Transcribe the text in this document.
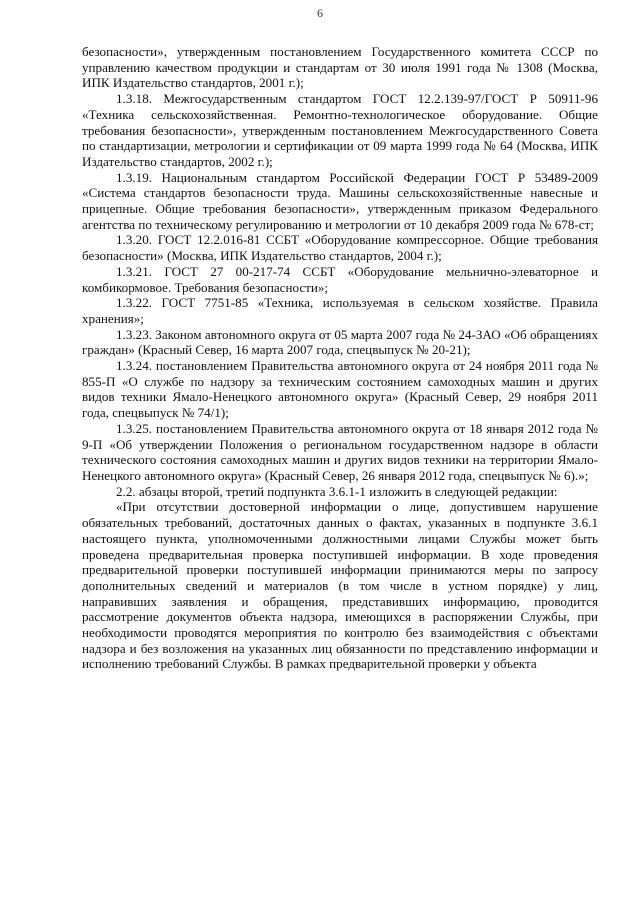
6

безопасности», утвержденным постановлением Государственного комитета СССР по управлению качеством продукции и стандартам от 30 июля 1991 года № 1308 (Москва, ИПК Издательство стандартов, 2001 г.);

1.3.18. Межгосударственным стандартом ГОСТ 12.2.139-97/ГОСТ Р 50911-96 «Техника сельскохозяйственная. Ремонтно-технологическое оборудование. Общие требования безопасности», утвержденным постановлением Межгосударственного Совета по стандартизации, метрологии и сертификации от 09 марта 1999 года № 64 (Москва, ИПК Издательство стандартов, 2002 г.);

1.3.19. Национальным стандартом Российской Федерации ГОСТ Р 53489-2009 «Система стандартов безопасности труда. Машины сельскохозяйственные навесные и прицепные. Общие требования безопасности», утвержденным приказом Федерального агентства по техническому регулированию и метрологии от 10 декабря 2009 года № 678-ст;

1.3.20. ГОСТ 12.2.016-81 ССБТ «Оборудование компрессорное. Общие требования безопасности» (Москва, ИПК Издательство стандартов, 2004 г.);

1.3.21. ГОСТ 27 00-217-74 ССБТ «Оборудование мельнично-элеваторное и комбикормовое. Требования безопасности»;

1.3.22. ГОСТ 7751-85 «Техника, используемая в сельском хозяйстве. Правила хранения»;

1.3.23. Законом автономного округа от 05 марта 2007 года № 24-ЗАО «Об обращениях граждан» (Красный Север, 16 марта 2007 года, спецвыпуск № 20-21);

1.3.24. постановлением Правительства автономного округа от 24 ноября 2011 года № 855-П «О службе по надзору за техническим состоянием самоходных машин и других видов техники Ямало-Ненецкого автономного округа» (Красный Север, 29 ноября 2011 года, спецвыпуск № 74/1);

1.3.25. постановлением Правительства автономного округа от 18 января 2012 года № 9-П «Об утверждении Положения о региональном государственном надзоре в области технического состояния самоходных машин и других видов техники на территории Ямало-Ненецкого автономного округа» (Красный Север, 26 января 2012 года, спецвыпуск № 6).»;

2.2. абзацы второй, третий подпункта 3.6.1-1 изложить в следующей редакции:

«При отсутствии достоверной информации о лице, допустившем нарушение обязательных требований, достаточных данных о фактах, указанных в подпункте 3.6.1 настоящего пункта, уполномоченными должностными лицами Службы может быть проведена предварительная проверка поступившей информации. В ходе проведения предварительной проверки поступившей информации принимаются меры по запросу дополнительных сведений и материалов (в том числе в устном порядке) у лиц, направивших заявления и обращения, представивших информацию, проводится рассмотрение документов объекта надзора, имеющихся в распоряжении Службы, при необходимости проводятся мероприятия по контролю без взаимодействия с объектами надзора и без возложения на указанных лиц обязанности по представлению информации и исполнению требований Службы. В рамках предварительной проверки у объекта
